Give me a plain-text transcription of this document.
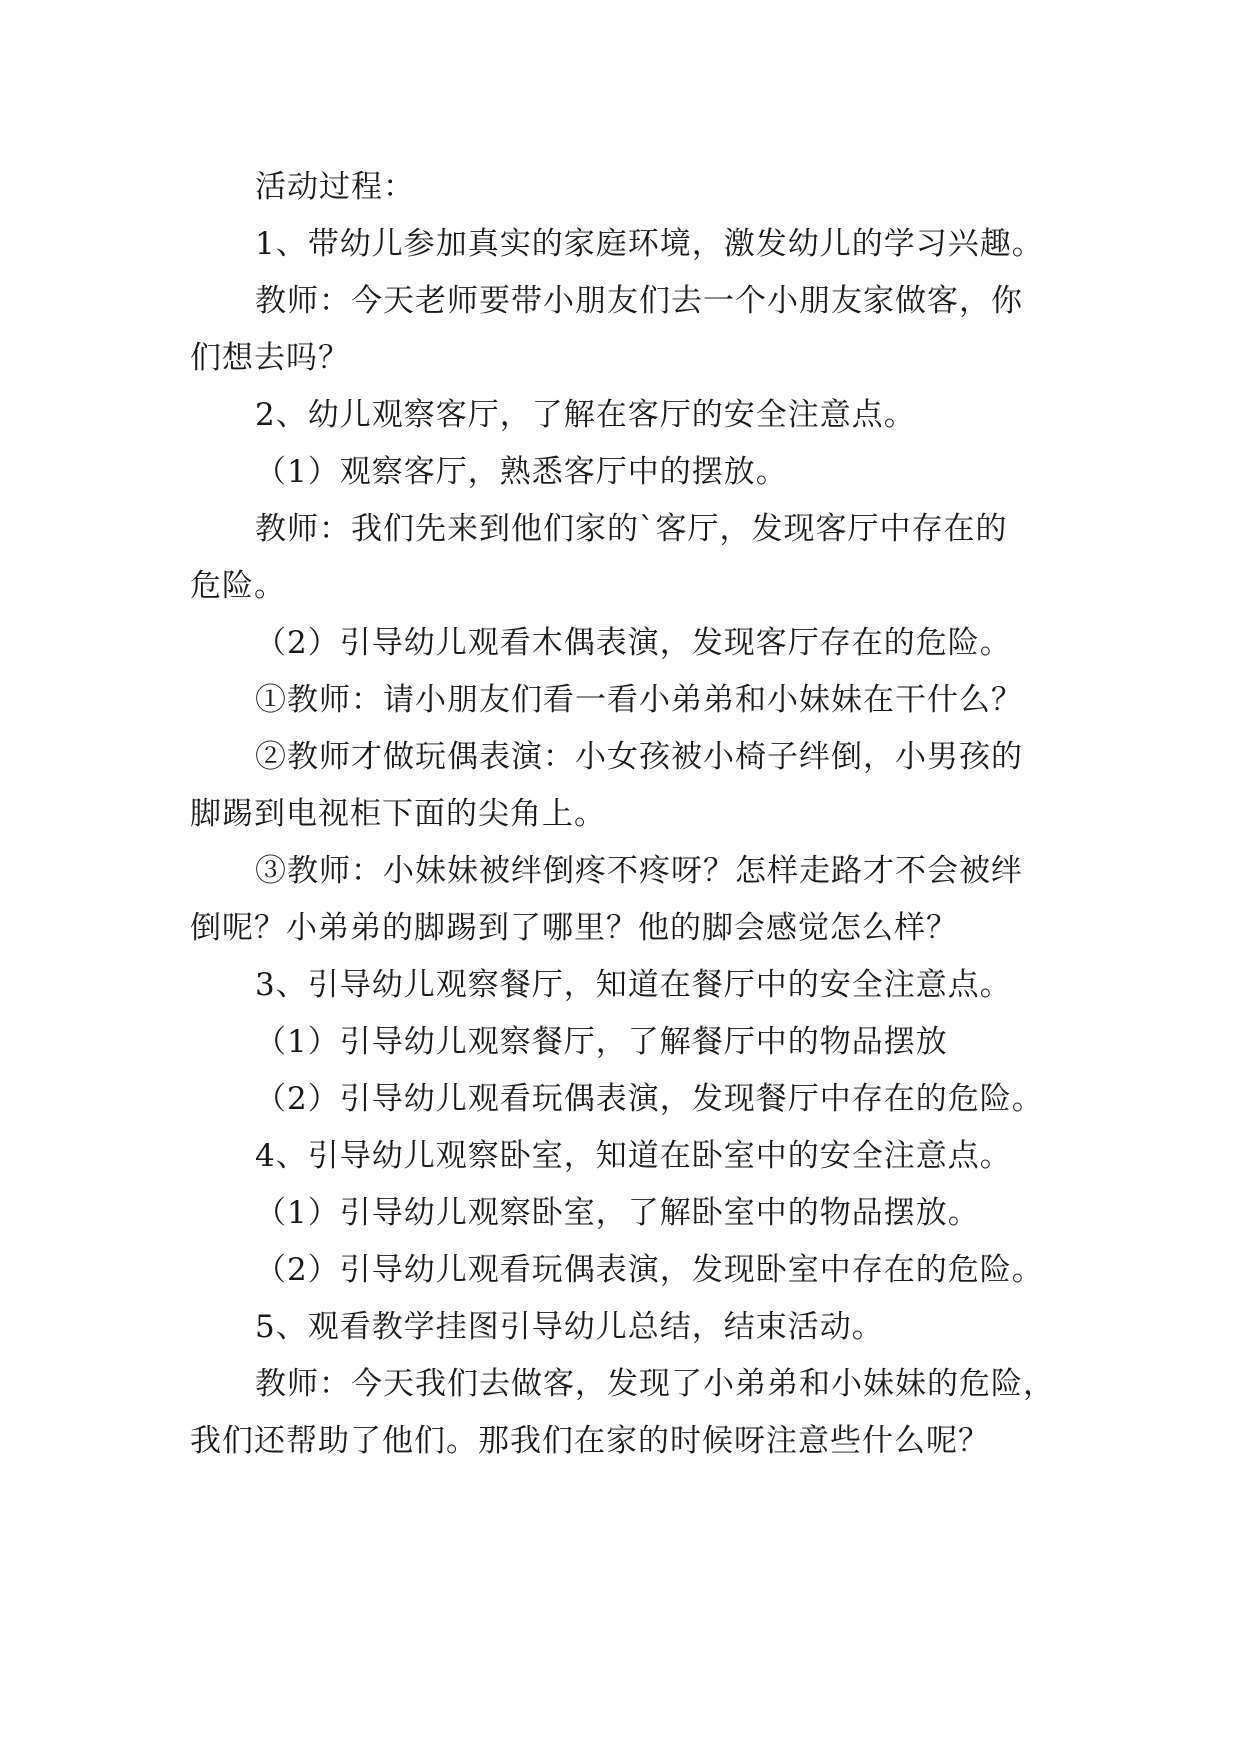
活动过程：
1、带幼儿参加真实的家庭环境，激发幼儿的学习兴趣。
教师：今天老师要带小朋友们去一个小朋友家做客，你
们想去吗？
2、幼儿观察客厅，了解在客厅的安全注意点。
（1）观察客厅，熟悉客厅中的摆放。
教师：我们先来到他们家的`客厅，发现客厅中存在的
危险。
（2）引导幼儿观看木偶表演，发现客厅存在的危险。
①教师：请小朋友们看一看小弟弟和小妹妹在干什么？
②教师才做玩偶表演：小女孩被小椅子绊倒，小男孩的
脚踢到电视柜下面的尖角上。
③教师：小妹妹被绊倒疼不疼呀？怎样走路才不会被绊
倒呢？小弟弟的脚踢到了哪里？他的脚会感觉怎么样？
3、引导幼儿观察餐厅，知道在餐厅中的安全注意点。
（1）引导幼儿观察餐厅，了解餐厅中的物品摆放
（2）引导幼儿观看玩偶表演，发现餐厅中存在的危险。
4、引导幼儿观察卧室，知道在卧室中的安全注意点。
（1）引导幼儿观察卧室，了解卧室中的物品摆放。
（2）引导幼儿观看玩偶表演，发现卧室中存在的危险。
5、观看教学挂图引导幼儿总结，结束活动。
教师：今天我们去做客，发现了小弟弟和小妹妹的危险，
我们还帮助了他们。那我们在家的时候呀注意些什么呢？
